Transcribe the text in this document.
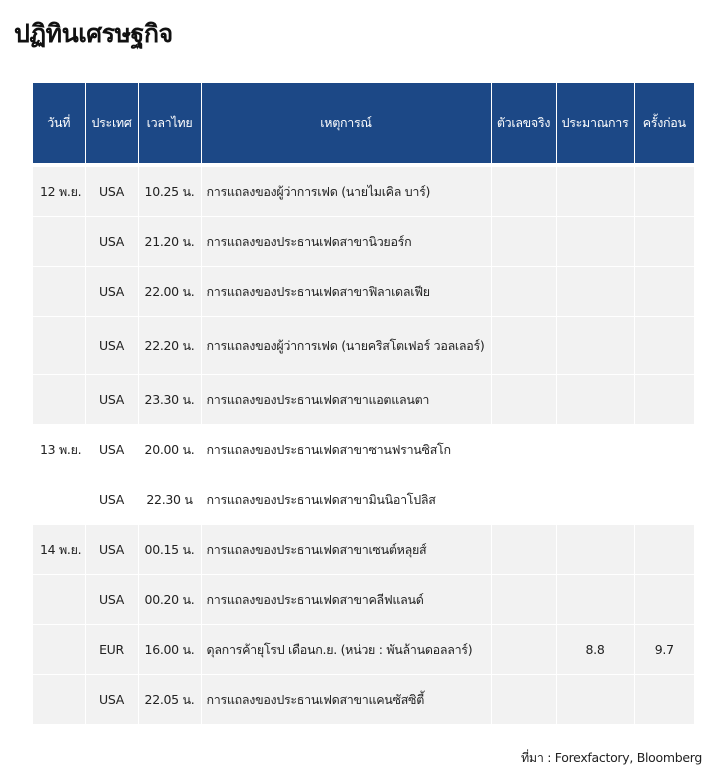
ปฏิทินเศรษฐกิจ
วันที่	ประเทศ	เวลาไทย	เหตุการณ์	ตัวเลขจริง	ประมาณการ	ครั้งก่อน

12 พ.ย.	USA	10.25 น.	การแถลงของผู้ว่าการเฟด (นายไมเคิล บาร์)			
	USA	21.20 น.	การแถลงของประธานเฟดสาขานิวยอร์ก			
	USA	22.00 น.	การแถลงของประธานเฟดสาขาฟิลาเดลเฟีย			
	USA	22.20 น.	การแถลงของผู้ว่าการเฟด (นายคริสโตเฟอร์ วอลเลอร์)			
	USA	23.30 น.	การแถลงของประธานเฟดสาขาแอตแลนตา			
13 พ.ย.	USA	20.00 น.	การแถลงของประธานเฟดสาขาซานฟรานซิสโก			
	USA	22.30 น	การแถลงของประธานเฟดสาขามินนิอาโปลิส			
14 พ.ย.	USA	00.15 น.	การแถลงของประธานเฟดสาขาเซนต์หลุยส์			
	USA	00.20 น.	การแถลงของประธานเฟดสาขาคลีฟแลนด์			
	EUR	16.00 น.	ดุลการค้ายุโรป เดือนก.ย. (หน่วย : พันล้านดอลลาร์)		8.8	9.7
	USA	22.05 น.	การแถลงของประธานเฟดสาขาแคนซัสซิตี้			
ที่มา : Forexfactory, Bloomberg
